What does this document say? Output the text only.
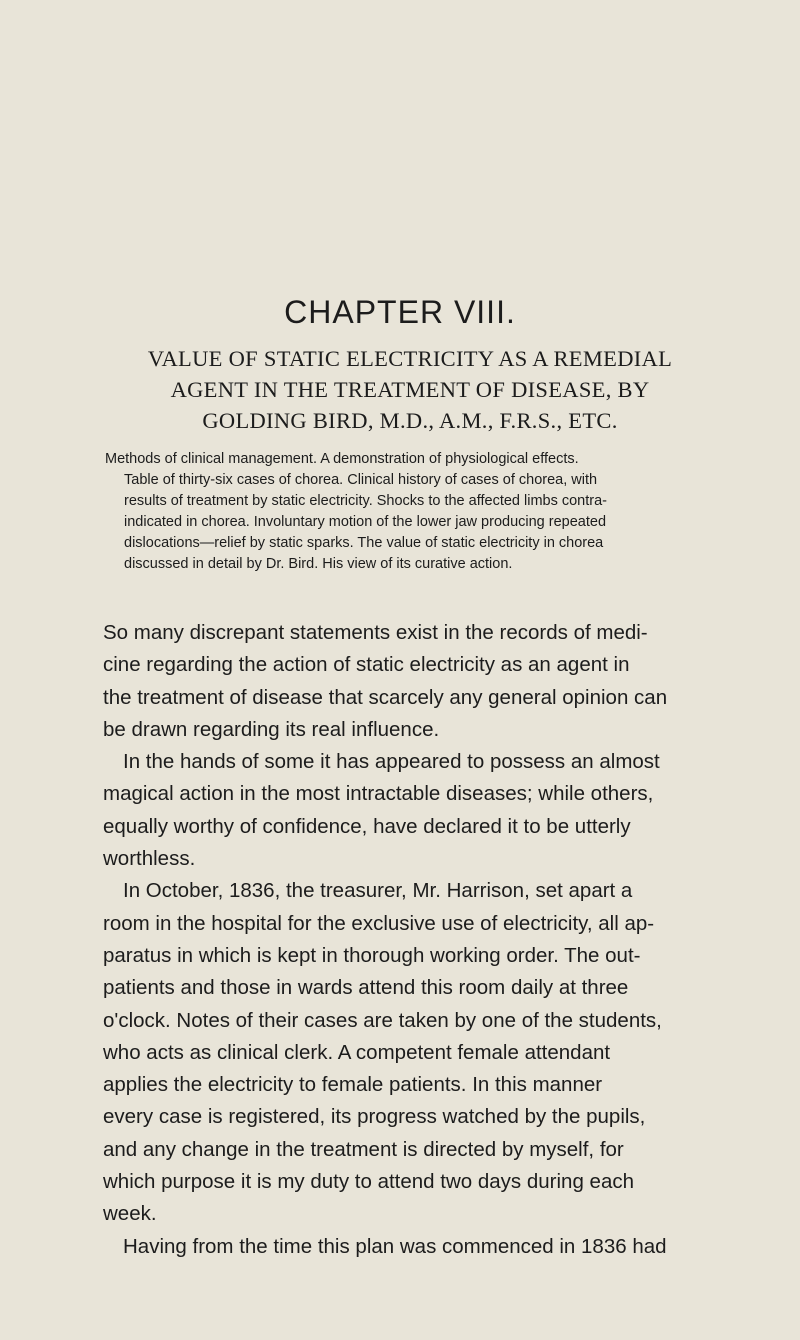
CHAPTER VIII.
VALUE OF STATIC ELECTRICITY AS A REMEDIAL
AGENT IN THE TREATMENT OF DISEASE, BY
GOLDING BIRD, M.D., A.M., F.R.S., ETC.
Methods of clinical management. A demonstration of physiological effects.
Table of thirty-six cases of chorea. Clinical history of cases of chorea, with
results of treatment by static electricity. Shocks to the affected limbs contra-
indicated in chorea. Involuntary motion of the lower jaw producing repeated
dislocations—relief by static sparks. The value of static electricity in chorea
discussed in detail by Dr. Bird. His view of its curative action.
So many discrepant statements exist in the records of medi-
cine regarding the action of static electricity as an agent in
the treatment of disease that scarcely any general opinion can
be drawn regarding its real influence.
In the hands of some it has appeared to possess an almost
magical action in the most intractable diseases; while others,
equally worthy of confidence, have declared it to be utterly
worthless.
In October, 1836, the treasurer, Mr. Harrison, set apart a
room in the hospital for the exclusive use of electricity, all ap-
paratus in which is kept in thorough working order. The out-
patients and those in wards attend this room daily at three
o'clock. Notes of their cases are taken by one of the students,
who acts as clinical clerk. A competent female attendant
applies the electricity to female patients. In this manner
every case is registered, its progress watched by the pupils,
and any change in the treatment is directed by myself, for
which purpose it is my duty to attend two days during each
week.
Having from the time this plan was commenced in 1836 had
